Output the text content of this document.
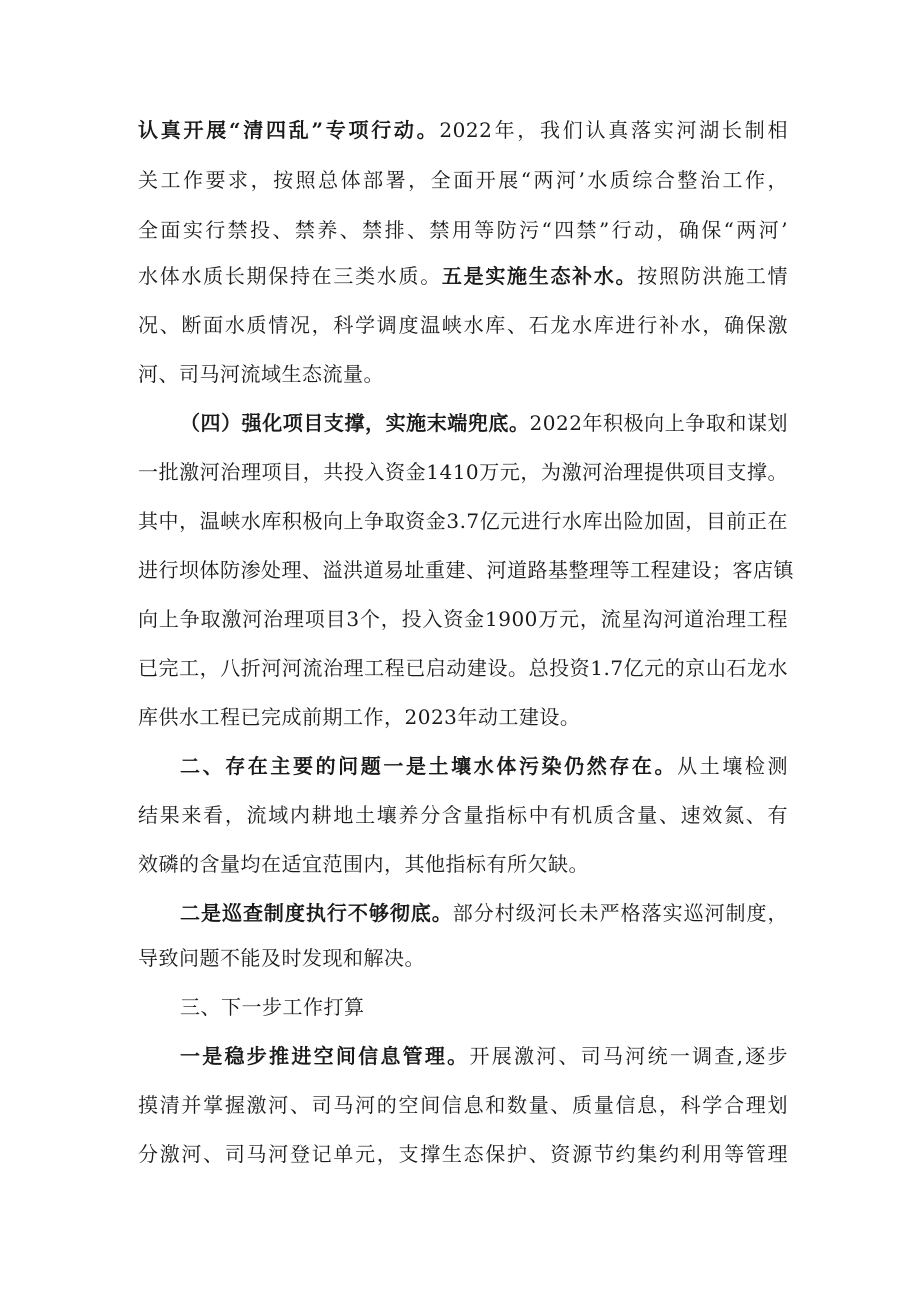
认真开展“清四乱”专项行动。2022年，我们认真落实河湖长制相
关工作要求，按照总体部署，全面开展“两河’水质综合整治工作，
全面实行禁投、禁养、禁排、禁用等防污“四禁”行动，确保“两河’
水体水质长期保持在三类水质。五是实施生态补水。按照防洪施工情
况、断面水质情况，科学调度温峡水库、石龙水库进行补水，确保激
河、司马河流域生态流量。
（四）强化项目支撑，实施末端兜底。2022年积极向上争取和谋划
一批激河治理项目，共投入资金1410万元，为激河治理提供项目支撑。
其中，温峡水库积极向上争取资金3.7亿元进行水库出险加固，目前正在
进行坝体防渗处理、溢洪道易址重建、河道路基整理等工程建设；客店镇
向上争取激河治理项目3个，投入资金1900万元，流星沟河道治理工程
已完工，八折河河流治理工程已启动建设。总投资1.7亿元的京山石龙水
库供水工程已完成前期工作，2023年动工建设。
二、存在主要的问题一是土壤水体污染仍然存在。从土壤检测
结果来看，流域内耕地土壤养分含量指标中有机质含量、速效氮、有
效磷的含量均在适宜范围内，其他指标有所欠缺。
二是巡查制度执行不够彻底。部分村级河长未严格落实巡河制度，
导致问题不能及时发现和解决。
三、下一步工作打算
一是稳步推进空间信息管理。开展激河、司马河统一调查,逐步
摸清并掌握激河、司马河的空间信息和数量、质量信息，科学合理划
分激河、司马河登记单元，支撑生态保护、资源节约集约利用等管理
